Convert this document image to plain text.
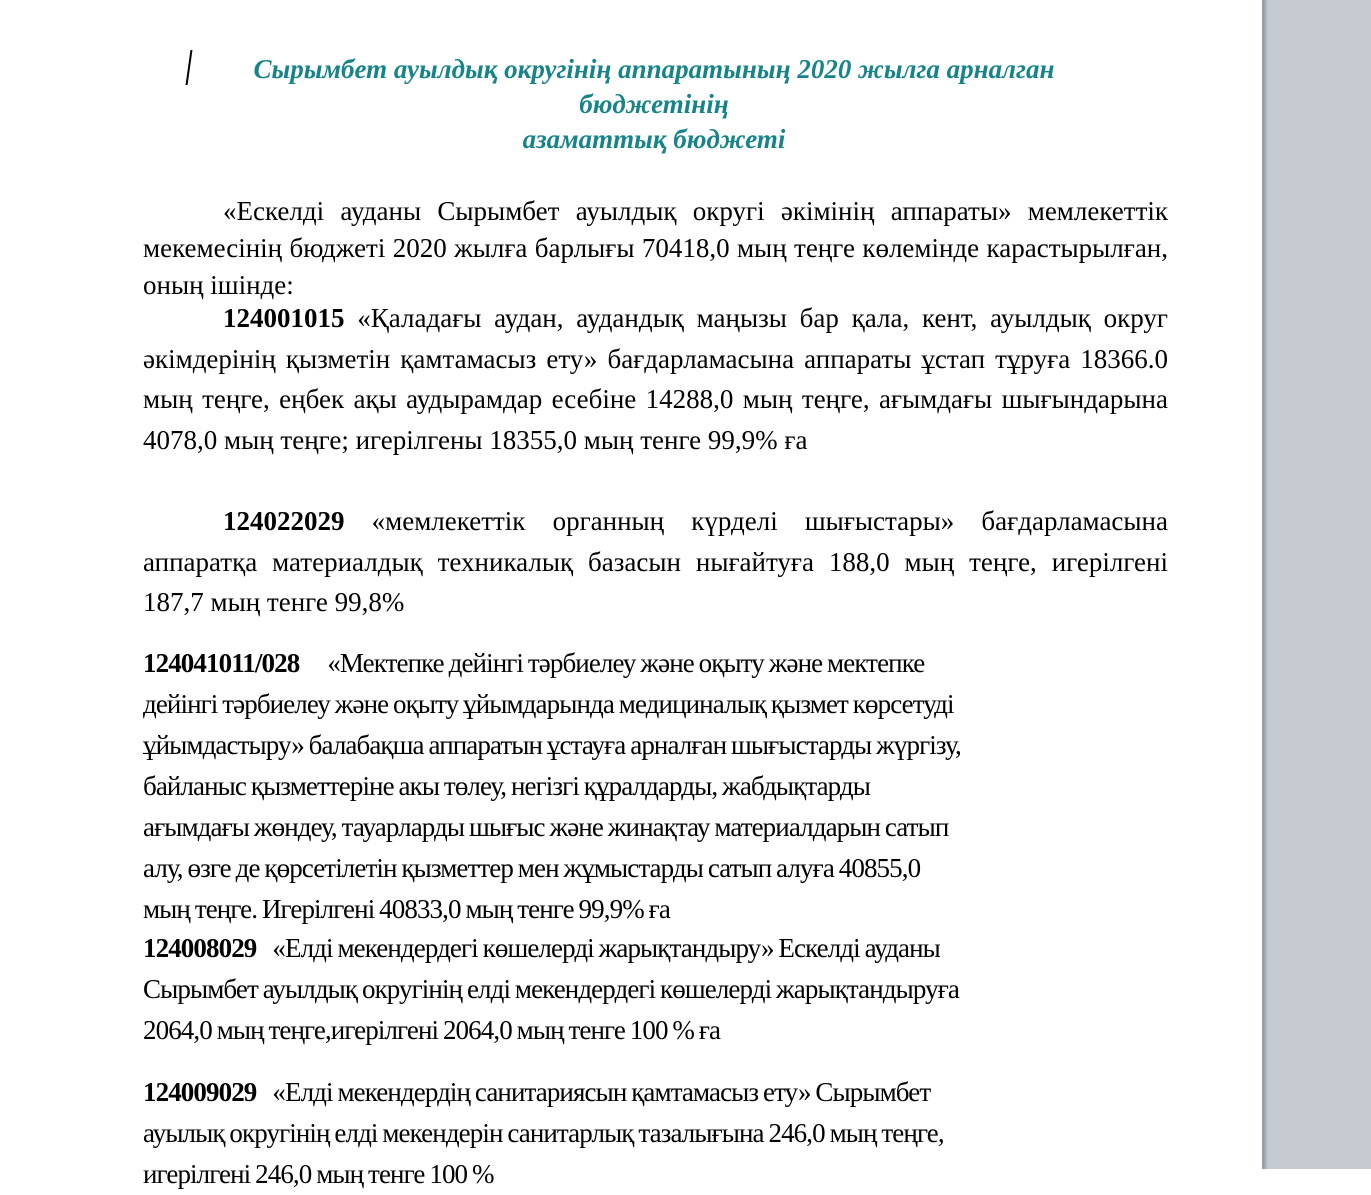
Сырымбет ауылдық округінің аппаратының 2020 жылга арналган
бюджетінің
азаматтық бюджеті
«Ескелді ауданы Сырымбет ауылдық округі әкімінің аппараты» мемлекеттік мекемесінің бюджеті 2020 жылға барлығы 70418,0 мың теңге көлемінде карастырылған, оның ішінде:
124001015 «Қаладағы аудан, аудандық маңызы бар қала, кент, ауылдық округ әкімдерінің қызметін қамтамасыз ету» бағдарламасына аппараты ұстап тұруға 18366.0 мың теңге, еңбек ақы аудырамдар есебіне 14288,0 мың теңге, ағымдағы шығындарына 4078,0 мың теңге; игерілгены 18355,0 мың тенге 99,9% ға
124022029 «мемлекеттік органның күрделі шығыстары» бағдарламасына аппаратқа материалдық техникалық базасын нығайтуға 188,0 мың теңге, игерілгені 187,7 мың тенге 99,8%
124041011/028 «Мектепке дейінгі тәрбиелеу және оқыту және мектепке
дейінгі тәрбиелеу және оқыту ұйымдарында медициналық қызмет көрсетуді
ұйымдастыру» балабақша аппаратын ұстауға арналған шығыстарды жүргізу,
байланыс қызметтеріне акы төлеу, негізгі құралдарды, жабдықтарды
ағымдағы жөндеу, тауарларды шығыс және жинақтау материалдарын сатып
алу, өзге де қөрсетілетін қызметтер мен жұмыстарды сатып алуға 40855,0
мың теңге. Игерілгені 40833,0 мың тенге 99,9% ға
124008029 «Елді мекендердегі көшелерді жарықтандыру» Ескелді ауданы
Сырымбет ауылдық округінің елді мекендердегі көшелерді жарықтандыруға
2064,0 мың теңге,игерілгені 2064,0 мың тенге 100 % ға
124009029 «Елді мекендердің санитариясын қамтамасыз ету» Сырымбет
ауылық округінің елді мекендерін санитарлық тазалығына 246,0 мың теңге,
игерілгені 246,0 мың тенге 100 %
